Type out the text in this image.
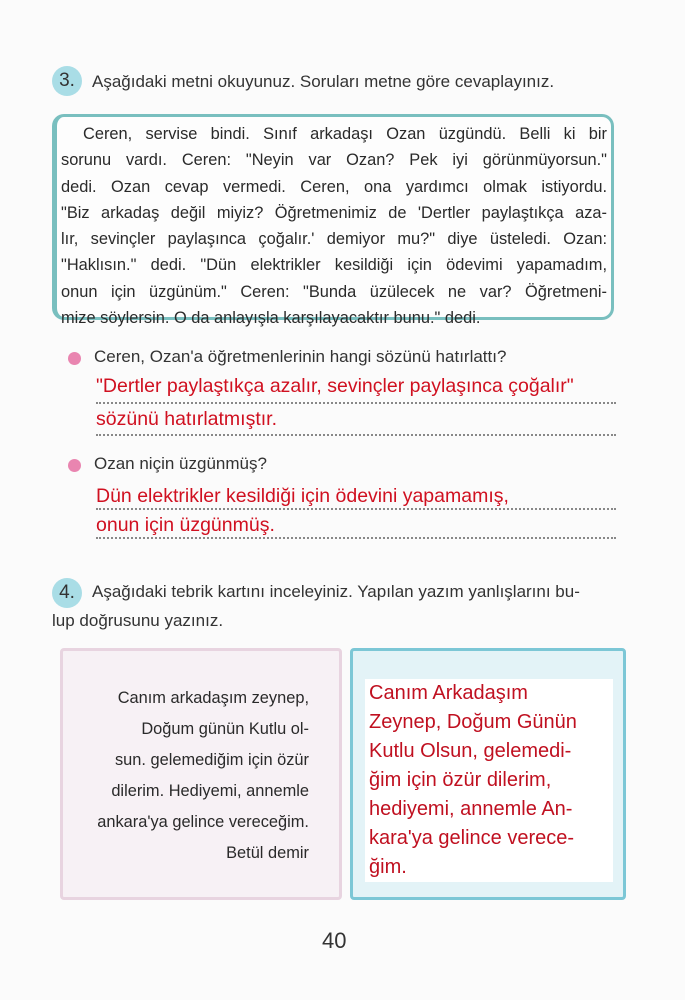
3.	Aşağıdaki metni okuyunuz. Soruları metne göre cevaplayınız.

Ceren, servise bindi. Sınıf arkadaşı Ozan üzgündü. Belli ki bir
sorunu vardı. Ceren: "Neyin var Ozan? Pek iyi görünmüyorsun."
dedi. Ozan cevap vermedi. Ceren, ona yardımcı olmak istiyordu.
"Biz arkadaş değil miyiz? Öğretmenimiz de 'Dertler paylaştıkça aza-
lır, sevinçler paylaşınca çoğalır.' demiyor mu?" diye üsteledi. Ozan:
"Haklısın." dedi. "Dün elektrikler kesildiği için ödevimi yapamadım,
onun için üzgünüm." Ceren: "Bunda üzülecek ne var? Öğretmeni-
mize söylersin. O da anlayışla karşılayacaktır bunu." dedi.

Ceren, Ozan'a öğretmenlerinin hangi sözünü hatırlattı?
"Dertler paylaştıkça azalır, sevinçler paylaşınca çoğalır"
sözünü hatırlatmıştır.
Ozan niçin üzgünmüş?
Dün elektrikler kesildiği için ödevini yapamamış,
onun için üzgünmüş.
4.	Aşağıdaki tebrik kartını inceleyiniz. Yapılan yazım yanlışlarını bu-
lup doğrusunu yazınız.
Canım arkadaşım zeynep,
Doğum günün Kutlu ol-
sun. gelemediğim için özür
dilerim. Hediyemi, annemle
ankara'ya gelince vereceğim.
Betül demir
Canım Arkadaşım
Zeynep, Doğum Günün
Kutlu Olsun, gelemedi-
ğim için özür dilerim,
hediyemi, annemle An-
kara'ya gelince verece-
ğim.
40
